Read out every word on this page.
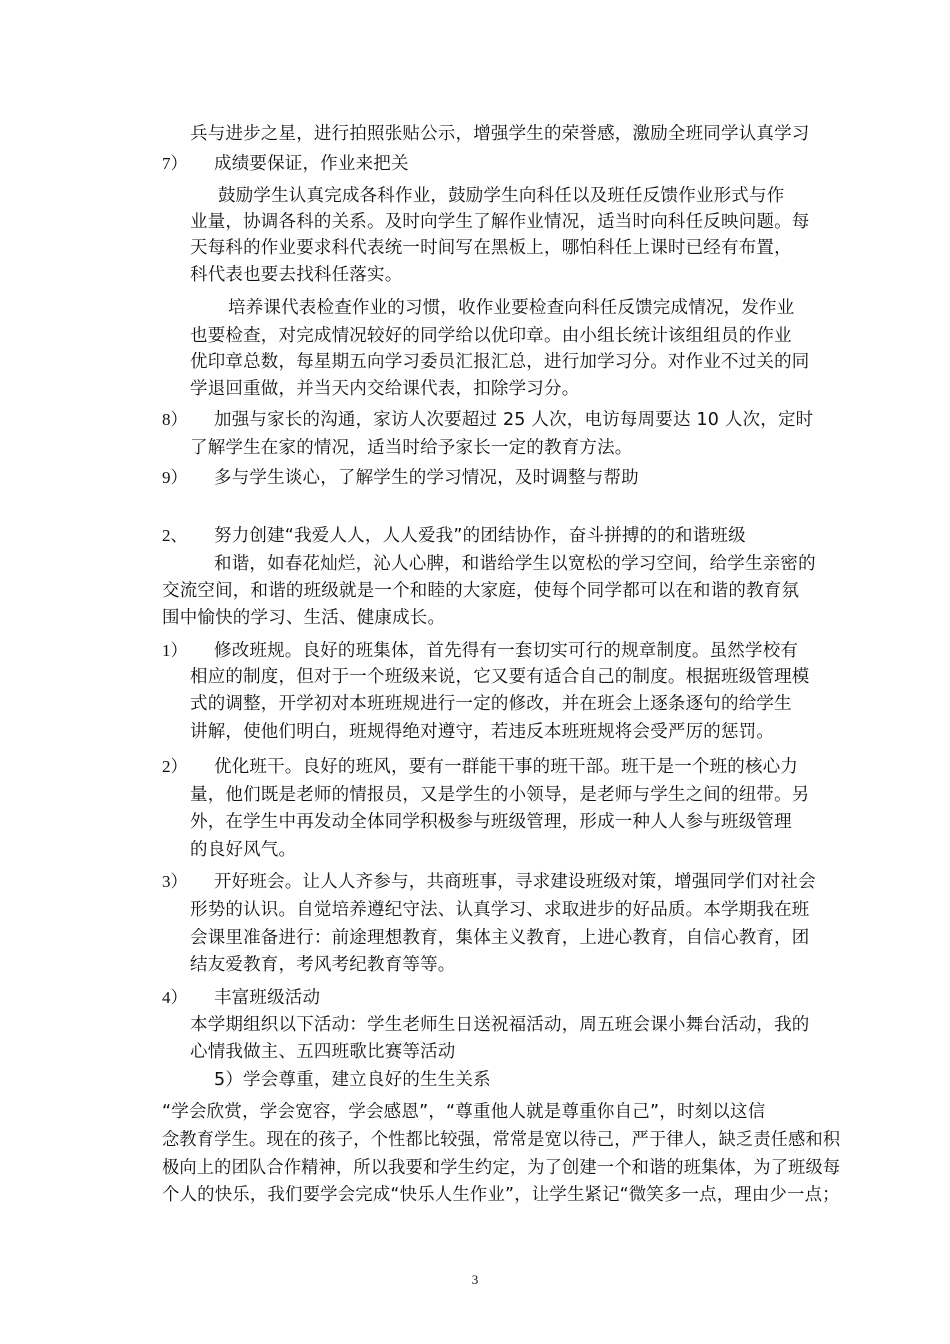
兵与进步之星，进行拍照张贴公示，增强学生的荣誉感，激励全班同学认真学习

7） 成绩要保证，作业来把关

鼓励学生认真完成各科作业，鼓励学生向科任以及班任反馈作业形式与作

业量，协调各科的关系。及时向学生了解作业情况，适当时向科任反映问题。每

天每科的作业要求科代表统一时间写在黑板上，哪怕科任上课时已经有布置，

科代表也要去找科任落实。

培养课代表检查作业的习惯，收作业要检查向科任反馈完成情况，发作业

也要检查，对完成情况较好的同学给以优印章。由小组长统计该组组员的作业

优印章总数，每星期五向学习委员汇报汇总，进行加学习分。对作业不过关的同

学退回重做，并当天内交给课代表，扣除学习分。

8） 加强与家长的沟通，家访人次要超过 25 人次，电访每周要达 10 人次，定时

了解学生在家的情况，适当时给予家长一定的教育方法。

9） 多与学生谈心，了解学生的学习情况，及时调整与帮助

2、 努力创建“我爱人人，人人爱我”的团结协作，奋斗拼搏的的和谐班级

和谐，如春花灿烂，沁人心脾，和谐给学生以宽松的学习空间，给学生亲密的

交流空间，和谐的班级就是一个和睦的大家庭，使每个同学都可以在和谐的教育氛

围中愉快的学习、生活、健康成长。

1） 修改班规。良好的班集体，首先得有一套切实可行的规章制度。虽然学校有

相应的制度，但对于一个班级来说，它又要有适合自己的制度。根据班级管理模

式的调整，开学初对本班班规进行一定的修改，并在班会上逐条逐句的给学生

讲解，使他们明白，班规得绝对遵守，若违反本班班规将会受严厉的惩罚。

2） 优化班干。良好的班风，要有一群能干事的班干部。班干是一个班的核心力

量，他们既是老师的情报员，又是学生的小领导，是老师与学生之间的纽带。另

外，在学生中再发动全体同学积极参与班级管理，形成一种人人参与班级管理

的良好风气。

3） 开好班会。让人人齐参与，共商班事，寻求建设班级对策，增强同学们对社会

形势的认识。自觉培养遵纪守法、认真学习、求取进步的好品质。本学期我在班

会课里准备进行：前途理想教育，集体主义教育，上进心教育，自信心教育，团

结友爱教育，考风考纪教育等等。

4） 丰富班级活动

本学期组织以下活动：学生老师生日送祝福活动，周五班会课小舞台活动，我的

心情我做主、五四班歌比赛等活动

5）学会尊重，建立良好的生生关系

“学会欣赏，学会宽容，学会感恩”，“尊重他人就是尊重你自己”，时刻以这信

念教育学生。现在的孩子，个性都比较强，常常是宽以待己，严于律人，缺乏责任感和积

极向上的团队合作精神，所以我要和学生约定，为了创建一个和谐的班集体，为了班级每

个人的快乐，我们要学会完成“快乐人生作业”，让学生紧记“微笑多一点，理由少一点；

3
